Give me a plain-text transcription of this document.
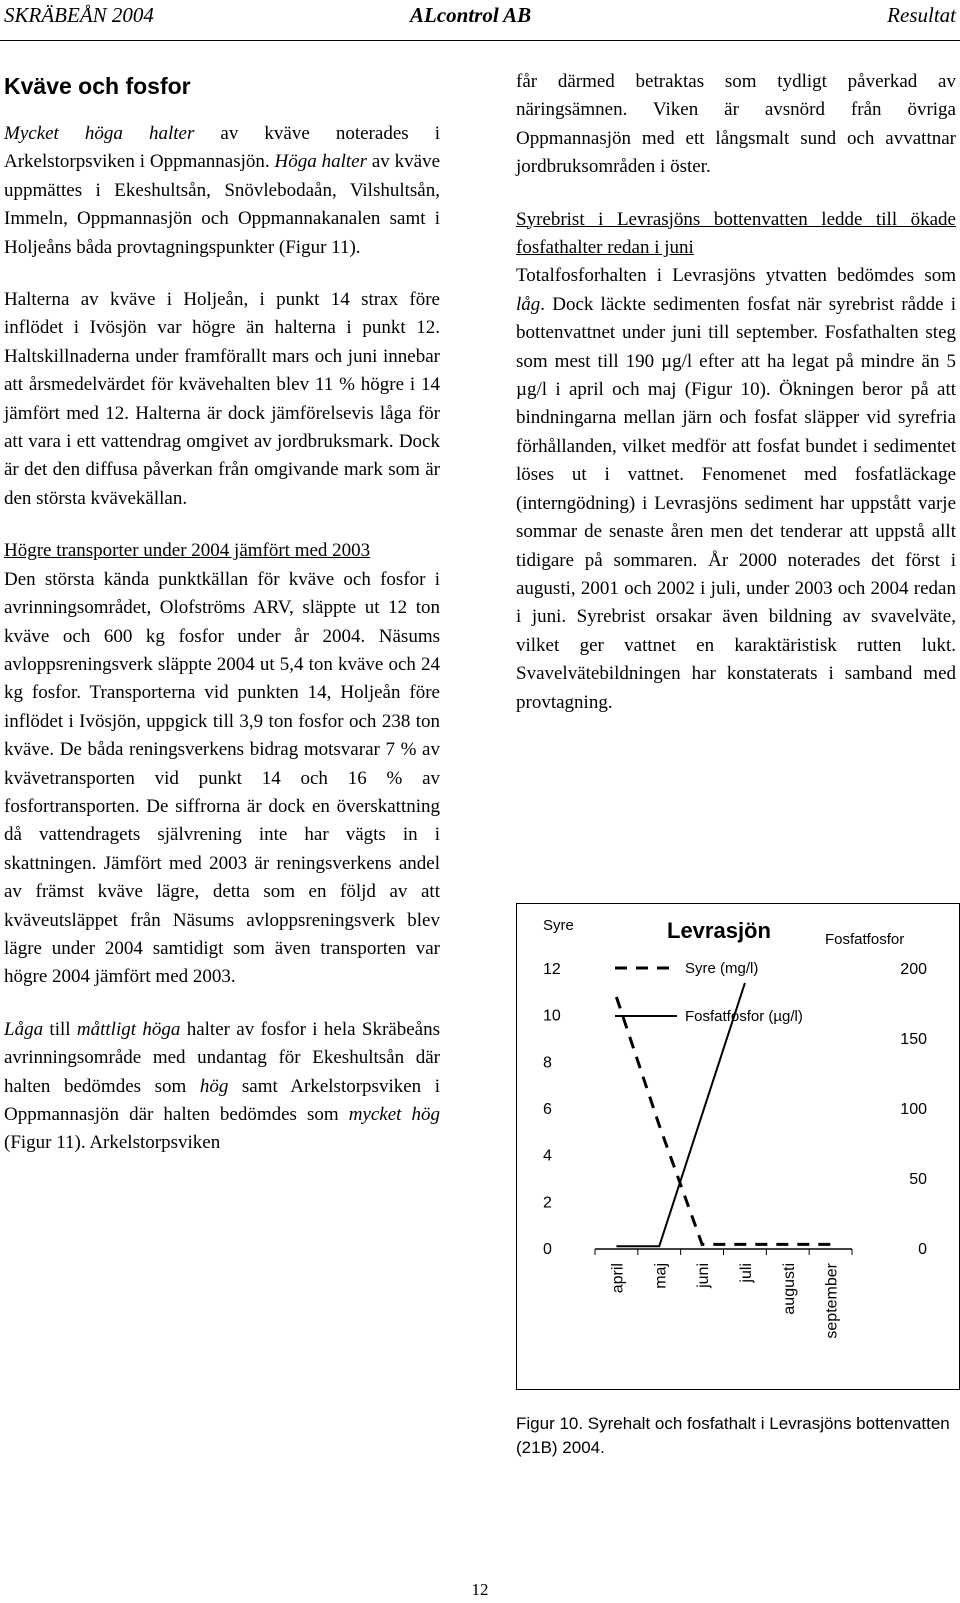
SKRÄBEÅN 2004	ALcontrol AB	Resultat
Kväve och fosfor

Mycket höga halter av kväve noterades i Arkelstorpsviken i Oppmannasjön. Höga halter av kväve uppmättes i Ekeshultsån, Snövlebodaån, Vilshultsån, Immeln, Oppmannasjön och Oppmannakanalen samt i Holjeåns båda provtagningspunkter (Figur 11).

Halterna av kväve i Holjeån, i punkt 14 strax före inflödet i Ivösjön var högre än halterna i punkt 12. Haltskillnaderna under framförallt mars och juni innebar att årsmedelvärdet för kvävehalten blev 11 % högre i 14 jämfört med 12. Halterna är dock jämförelsevis låga för att vara i ett vattendrag omgivet av jordbruksmark. Dock är det den diffusa påverkan från omgivande mark som är den största kvävekällan.

Högre transporter under 2004 jämfört med 2003
Den största kända punktkällan för kväve och fosfor i avrinningsområdet, Olofströms ARV, släppte ut 12 ton kväve och 600 kg fosfor under år 2004. Näsums avloppsreningsverk släppte 2004 ut 5,4 ton kväve och 24 kg fosfor. Transporterna vid punkten 14, Holjeån före inflödet i Ivösjön, uppgick till 3,9 ton fosfor och 238 ton kväve. De båda reningsverkens bidrag motsvarar 7 % av kvävetransporten vid punkt 14 och 16 % av fosfortransporten. De siffrorna är dock en överskattning då vattendragets självrening inte har vägts in i skattningen. Jämfört med 2003 är reningsverkens andel av främst kväve lägre, detta som en följd av att kväveutsläppet från Näsums avloppsreningsverk blev lägre under 2004 samtidigt som även transporten var högre 2004 jämfört med 2003.

Låga till måttligt höga halter av fosfor i hela Skräbeåns avrinningsområde med undantag för Ekeshultsån där halten bedömdes som hög samt Arkelstorpsviken i Oppmannasjön där halten bedömdes som mycket hög (Figur 11). Arkelstorpsviken

får därmed betraktas som tydligt påverkad av näringsämnen. Viken är avsnörd från övriga Oppmannasjön med ett långsmalt sund och avvattnar jordbruksområden i öster.

Syrebrist i Levrasjöns bottenvatten ledde till ökade fosfathalter redan i juni
Totalfosforhalten i Levrasjöns ytvatten bedömdes som låg. Dock läckte sedimenten fosfat när syrebrist rådde i bottenvattnet under juni till september. Fosfathalten steg som mest till 190 µg/l efter att ha legat på mindre än 5 µg/l i april och maj (Figur 10). Ökningen beror på att bindningarna mellan järn och fosfat släpper vid syrefria förhållanden, vilket medför att fosfat bundet i sedimentet löses ut i vattnet. Fenomenet med fosfatläckage (interngödning) i Levrasjöns sediment har uppstått varje sommar de senaste åren men det tenderar att uppstå allt tidigare på sommaren. År 2000 noterades det först i augusti, 2001 och 2002 i juli, under 2003 och 2004 redan i juni. Syrebrist orsakar även bildning av svavelväte, vilket ger vattnet en karaktäristisk rutten lukt. Svavelvätebildningen har konstaterats i samband med provtagning.

Levrasjön
Syre
Fosfatfosfor
0
2
4
6
8
10
12
0
50
100
150
200
april maj juni juli augusti september
Syre (mg/l)
Fosfatfosfor (µg/l)
Figur 10. Syrehalt och fosfathalt i Levrasjöns bottenvatten (21B) 2004.
12
